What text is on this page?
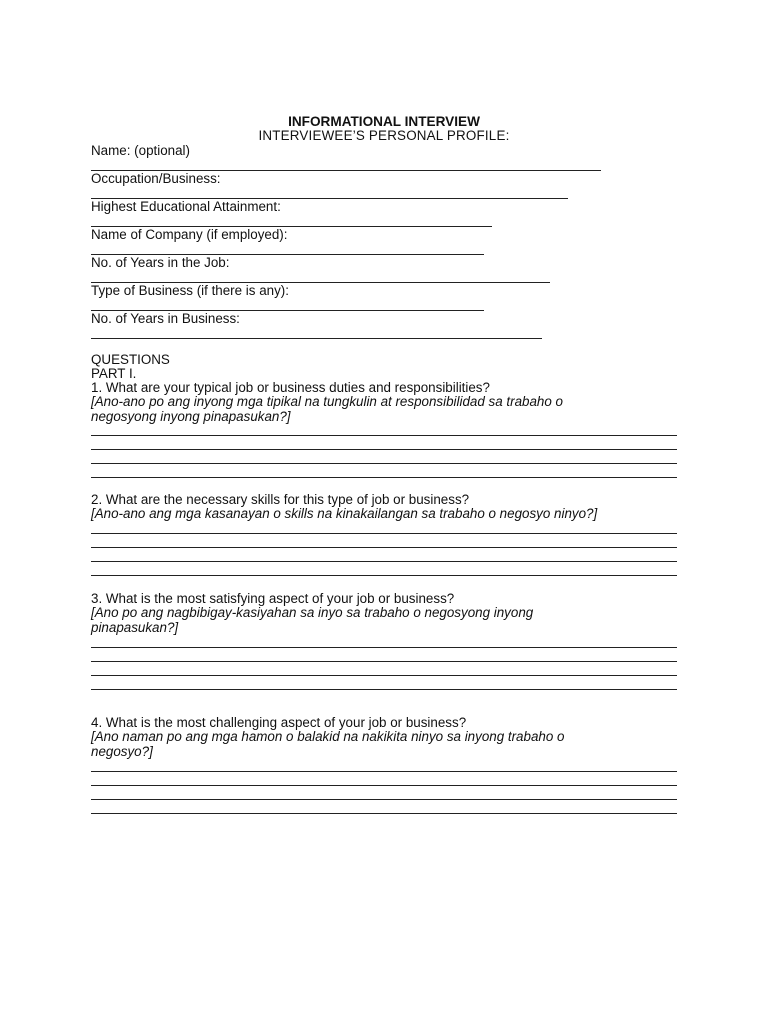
INFORMATIONAL INTERVIEW
INTERVIEWEE’S PERSONAL PROFILE:
Name: (optional)
Occupation/Business:
Highest Educational Attainment:
Name of Company (if employed):
No. of Years in the Job:
Type of Business (if there is any):
No. of Years in Business:
QUESTIONS
PART I.
1. What are your typical job or business duties and responsibilities?
[Ano-ano po ang inyong mga tipikal na tungkulin at responsibilidad sa trabaho o
negosyong inyong pinapasukan?]
2. What are the necessary skills for this type of job or business?
[Ano-ano ang mga kasanayan o skills na kinakailangan sa trabaho o negosyo ninyo?]
3. What is the most satisfying aspect of your job or business?
[Ano po ang nagbibigay-kasiyahan sa inyo sa trabaho o negosyong inyong
pinapasukan?]
4. What is the most challenging aspect of your job or business?
[Ano naman po ang mga hamon o balakid na nakikita ninyo sa inyong trabaho o
negosyo?]
